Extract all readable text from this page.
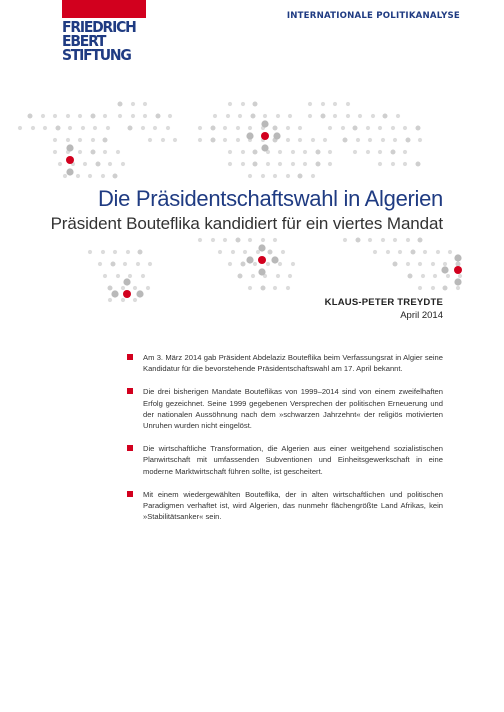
FRIEDRICH
EBERT
STIFTUNG
INTERNATIONALE POLITIKANALYSE
Die Präsidentschaftswahl in Algerien
Präsident Bouteflika kandidiert für ein viertes Mandat
KLAUS-PETER TREYDTE
April 2014
Am 3. März 2014 gab Präsident Abdelaziz Bouteflika beim Verfassungsrat in Algier seine Kandidatur für die bevorstehende Präsidentschaftswahl am 17. April bekannt.
Die drei bisherigen Mandate Bouteflikas von 1999–2014 sind von einem zweifelhaften Erfolg gezeichnet. Seine 1999 gegebenen Versprechen der politischen Erneuerung und der nationalen Aussöhnung nach dem »schwarzen Jahrzehnt« der religiös motivierten Unruhen wurden nicht eingelöst.
Die wirtschaftliche Transformation, die Algerien aus einer weitgehend sozialistischen Planwirtschaft mit umfassenden Subventionen und Einheitsgewerkschaft in eine moderne Marktwirtschaft führen sollte, ist gescheitert.
Mit einem wiedergewählten Bouteflika, der in alten wirtschaftlichen und politischen Paradigmen verhaftet ist, wird Algerien, das nunmehr flächengrößte Land Afrikas, kein »Stabilitätsanker« sein.
